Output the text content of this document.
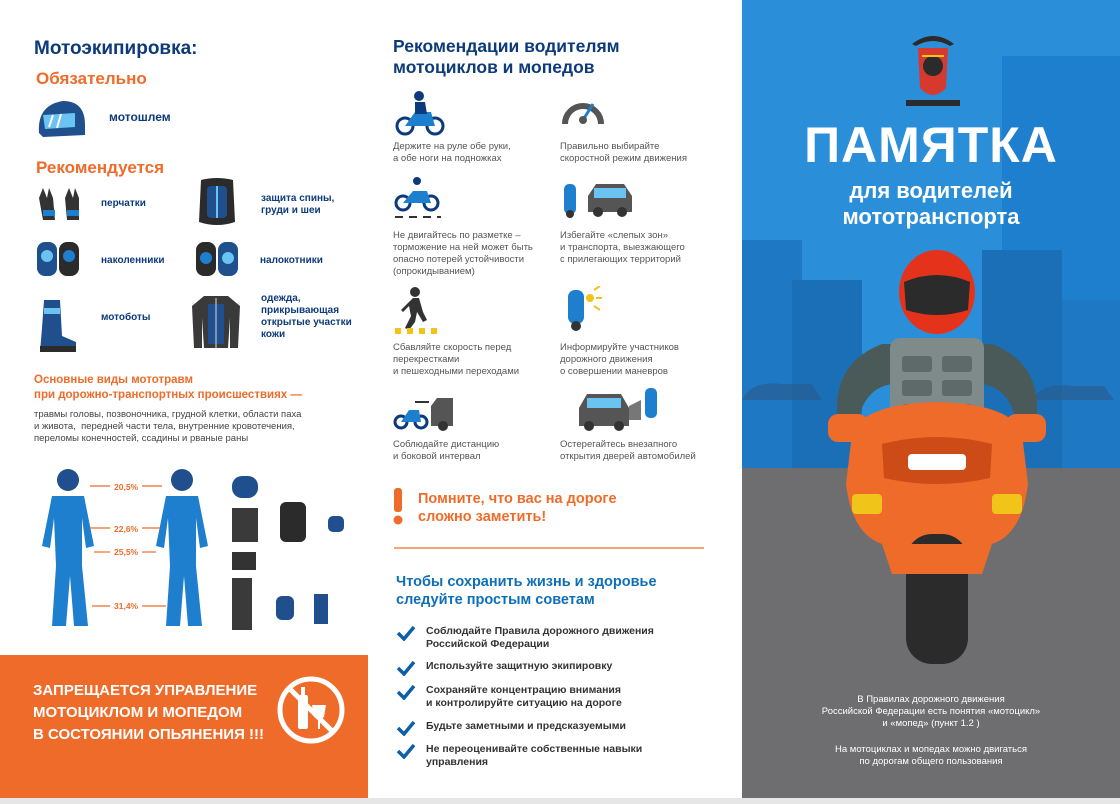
Мотоэкипировка:
Обязательно
мотошлем
Рекомендуется
перчатки	защита спины,
груди и шеи
наколенники	налокотники
мотоботы
одежда,
прикрывающая
открытые участки
кожи
Основные виды мототравм
при дорожно-транспортных происшествиях —
травмы головы, позвоночника, грудной клетки, области паха
и живота,  передней части тела, внутренние кровотечения,
переломы конечностей, ссадины и рваные раны
20,5%
22,6%
25,5%
31,4%
ЗАПРЕЩАЕТСЯ УПРАВЛЕНИЕ
МОТОЦИКЛОМ И МОПЕДОМ
В СОСТОЯНИИ ОПЬЯНЕНИЯ !!!
Рекомендации водителям
мотоциклов и мопедов
Держите на руле обе руки,
а обе ноги на подножках
Правильно выбирайте
скоростной режим движения
Не двигайтесь по разметке –
торможение на ней может быть
опасно потерей устойчивости
(опрокидыванием)
Избегайте «слепых зон»
и транспорта, выезжающего
с прилегающих территорий
Сбавляйте скорость перед
перекрестками
и пешеходными переходами
Информируйте участников
дорожного движения
о совершении маневров
Соблюдайте дистанцию
и боковой интервал
Остерегайтесь внезапного
открытия дверей автомобилей
Помните, что вас на дороге
сложно заметить!
Чтобы сохранить жизнь и здоровье
следуйте простым советам
Соблюдайте Правила дорожного движения
Российской Федерации
Используйте защитную экипировку
Сохраняйте концентрацию внимания
и контролируйте ситуацию на дороге
Будьте заметными и предсказуемыми
Не переоценивайте собственные навыки
управления
ПАМЯТКА
для водителей
мототранспорта
В Правилах дорожного движения
Российской Федерации есть понятия «мотоцикл»
и «мопед» (пункт 1.2 )
На мотоциклах и мопедах можно двигаться
по дорогам общего пользования
